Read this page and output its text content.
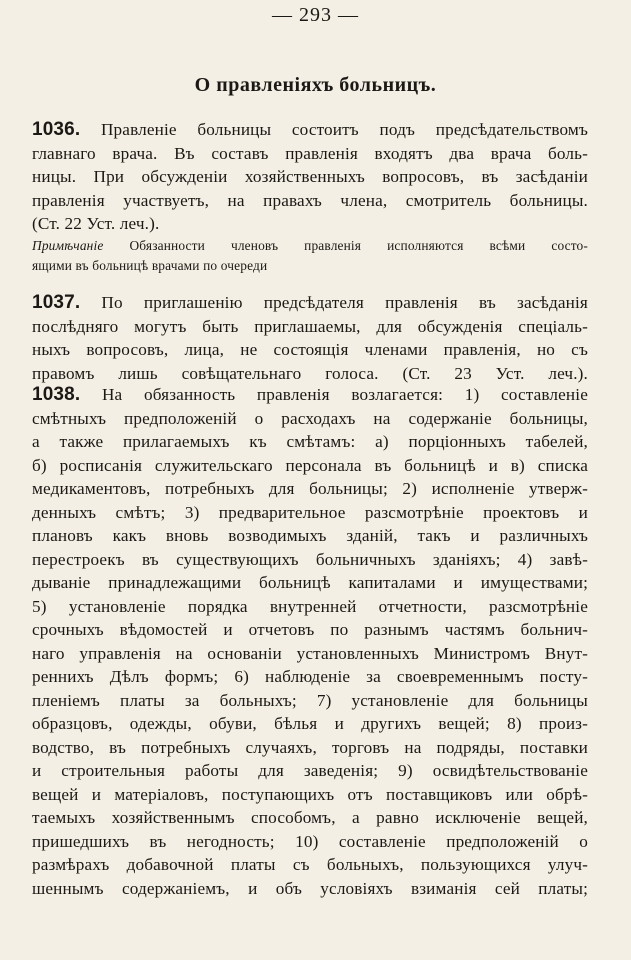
— 293 —
О правленіяхъ больницъ.
1036. Правленіе больницы состоитъ подъ предсѣдательствомъ
главнаго врача. Въ составъ правленія входятъ два врача боль-
ницы. При обсужденіи хозяйственныхъ вопросовъ, въ засѣданіи
правленія участвуетъ, на правахъ члена, смотритель больницы.
(Ст. 22 Уст. леч.).
Примѣчаніе Обязанности членовъ правленія исполняются всѣми состо-
ящими въ больницѣ врачами по очереди
1037. По приглашенію предсѣдателя правленія въ засѣданія
послѣдняго могутъ быть приглашаемы, для обсужденія спеціаль-
ныхъ вопросовъ, лица, не состоящія членами правленія, но съ
правомъ лишь совѣщательнаго голоса. (Ст. 23 Уст. леч.).
1038. На обязанность правленія возлагается: 1) составленіе
смѣтныхъ предположеній о расходахъ на содержаніе больницы,
а также прилагаемыхъ къ смѣтамъ: а) порціонныхъ табелей,
б) росписанія служительскаго персонала въ больницѣ и в) списка
медикаментовъ, потребныхъ для больницы; 2) исполненіе утверж-
денныхъ смѣтъ; 3) предварительное разсмотрѣніе проектовъ и
плановъ какъ вновь возводимыхъ зданій, такъ и различныхъ
перестроекъ въ существующихъ больничныхъ зданіяхъ; 4) завѣ-
дываніе принадлежащими больницѣ капиталами и имуществами;
5) установленіе порядка внутренней отчетности, разсмотрѣніе
срочныхъ вѣдомостей и отчетовъ по разнымъ частямъ больнич-
наго управленія на основаніи установленныхъ Министромъ Внут-
реннихъ Дѣлъ формъ; 6) наблюденіе за своевременнымъ посту-
пленіемъ платы за больныхъ; 7) установленіе для больницы
образцовъ, одежды, обуви, бѣлья и другихъ вещей; 8) произ-
водство, въ потребныхъ случаяхъ, торговъ на подряды, поставки
и строительныя работы для заведенія; 9) освидѣтельствованіе
вещей и матеріаловъ, поступающихъ отъ поставщиковъ или обрѣ-
таемыхъ хозяйственнымъ способомъ, а равно исключеніе вещей,
пришедшихъ въ негодность; 10) составленіе предположеній о
размѣрахъ добавочной платы съ больныхъ, пользующихся улуч-
шеннымъ содержаніемъ, и объ условіяхъ взиманія сей платы;
